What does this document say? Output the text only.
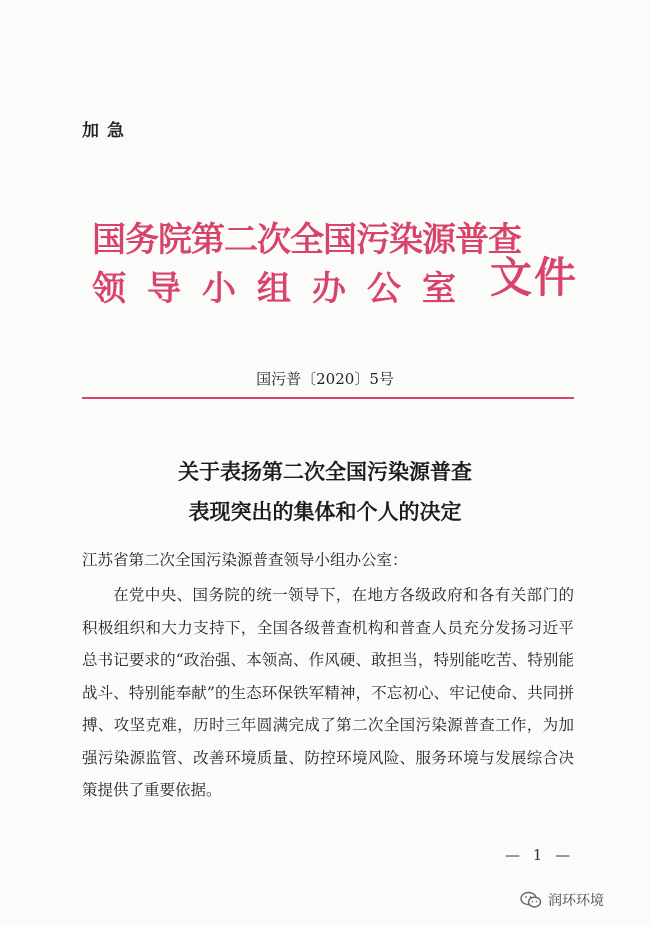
加急
国务院第二次全国污染源普查
领导小组办公室 文件
国污普〔2020〕5号
关于表扬第二次全国污染源普查
表现突出的集体和个人的决定
江苏省第二次全国污染源普查领导小组办公室：

在党中央、国务院的统一领导下，在地方各级政府和各有关部门的积极组织和大力支持下，全国各级普查机构和普查人员充分发扬习近平总书记要求的“政治强、本领高、作风硬、敢担当，特别能吃苦、特别能战斗、特别能奉献”的生态环保铁军精神，不忘初心、牢记使命、共同拼搏、攻坚克难，历时三年圆满完成了第二次全国污染源普查工作，为加强污染源监管、改善环境质量、防控环境风险、服务环境与发展综合决策提供了重要依据。

— 1 —
润环环境
